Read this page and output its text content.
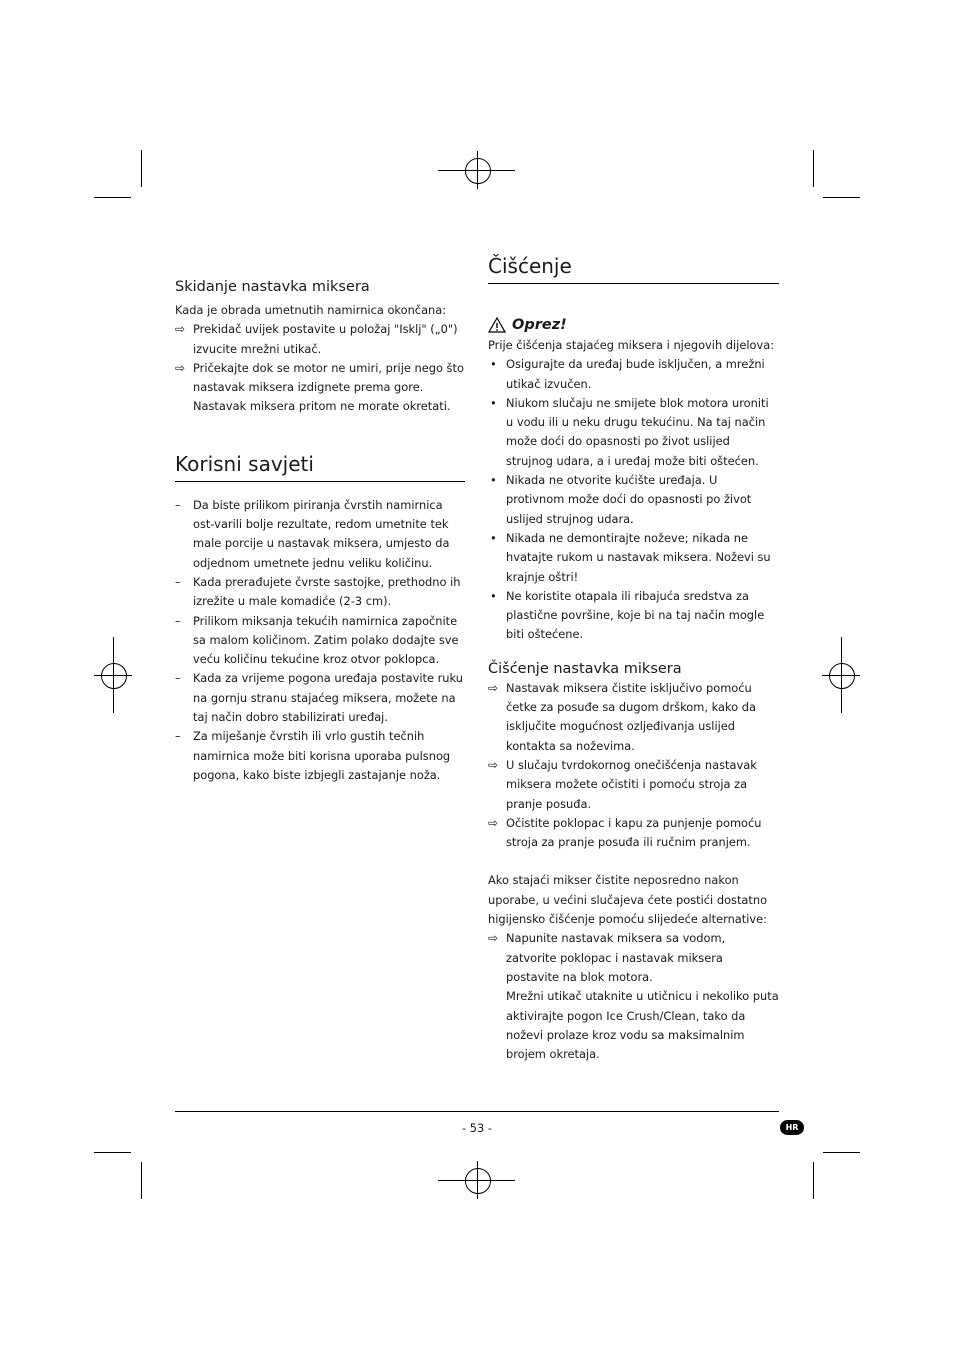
Skidanje nastavka miksera

Kada je obrada umetnutih namirnica okončana:

⇨ Prekidač uvijek postavite u položaj "Isklj" („0") izvucite mrežni utikač.
⇨ Pričekajte dok se motor ne umiri, prije nego što nastavak miksera izdignete prema gore. Nastavak miksera pritom ne morate okretati.
Korisni savjeti
– Da biste prilikom piriranja čvrstih namirnica ost-varili bolje rezultate, redom umetnite tek male porcije u nastavak miksera, umjesto da odjednom umetnete jednu veliku količinu.
– Kada prerađujete čvrste sastojke, prethodno ih izrežite u male komadiće (2-3 cm).
– Prilikom miksanja tekućih namirnica započnite sa malom količinom. Zatim polako dodajte sve veću količinu tekućine kroz otvor poklopca.
– Kada za vrijeme pogona uređaja postavite ruku na gornju stranu stajaćeg miksera, možete na taj način dobro stabilizirati uređaj.
– Za miješanje čvrstih ili vrlo gustih tečnih namirnica može biti korisna uporaba pulsnog pogona, kako biste izbjegli zastajanje noža.
Čišćenje
Oprez!

Prije čišćenja stajaćeg miksera i njegovih dijelova:

• Osigurajte da uređaj bude isključen, a mrežni utikač izvučen.
• Niukom slučaju ne smijete blok motora uroniti u vodu ili u neku drugu tekućinu. Na taj način može doći do opasnosti po život uslijed strujnog udara, a i uređaj može biti oštećen.
• Nikada ne otvorite kućište uređaja. U protivnom može doći do opasnosti po život uslijed strujnog udara.
• Nikada ne demontirajte noževe; nikada ne hvatajte rukom u nastavak miksera. Noževi su krajnje oštri!
• Ne koristite otapala ili ribajuća sredstva za plastične površine, koje bi na taj način mogle biti oštećene.
Čišćenje nastavka miksera
⇨ Nastavak miksera čistite isključivo pomoću četke za posuđe sa dugom drškom, kako da isključite mogućnost ozljeđivanja uslijed kontakta sa noževima.
⇨ U slučaju tvrdokornog onečišćenja nastavak miksera možete očistiti i pomoću stroja za pranje posuđa.
⇨ Očistite poklopac i kapu za punjenje pomoću stroja za pranje posuđa ili ručnim pranjem.

Ako stajaći mikser čistite neposredno nakon uporabe, u većini slučajeva ćete postići dostatno higijensko čišćenje pomoću slijedeće alternative:

⇨ Napunite nastavak miksera sa vodom, zatvorite poklopac i nastavak miksera postavite na blok motora.
Mrežni utikač utaknite u utičnicu i nekoliko puta aktivirajte pogon Ice Crush/Clean, tako da noževi prolaze kroz vodu sa maksimalnim brojem okretaja.
- 53 -	HR
